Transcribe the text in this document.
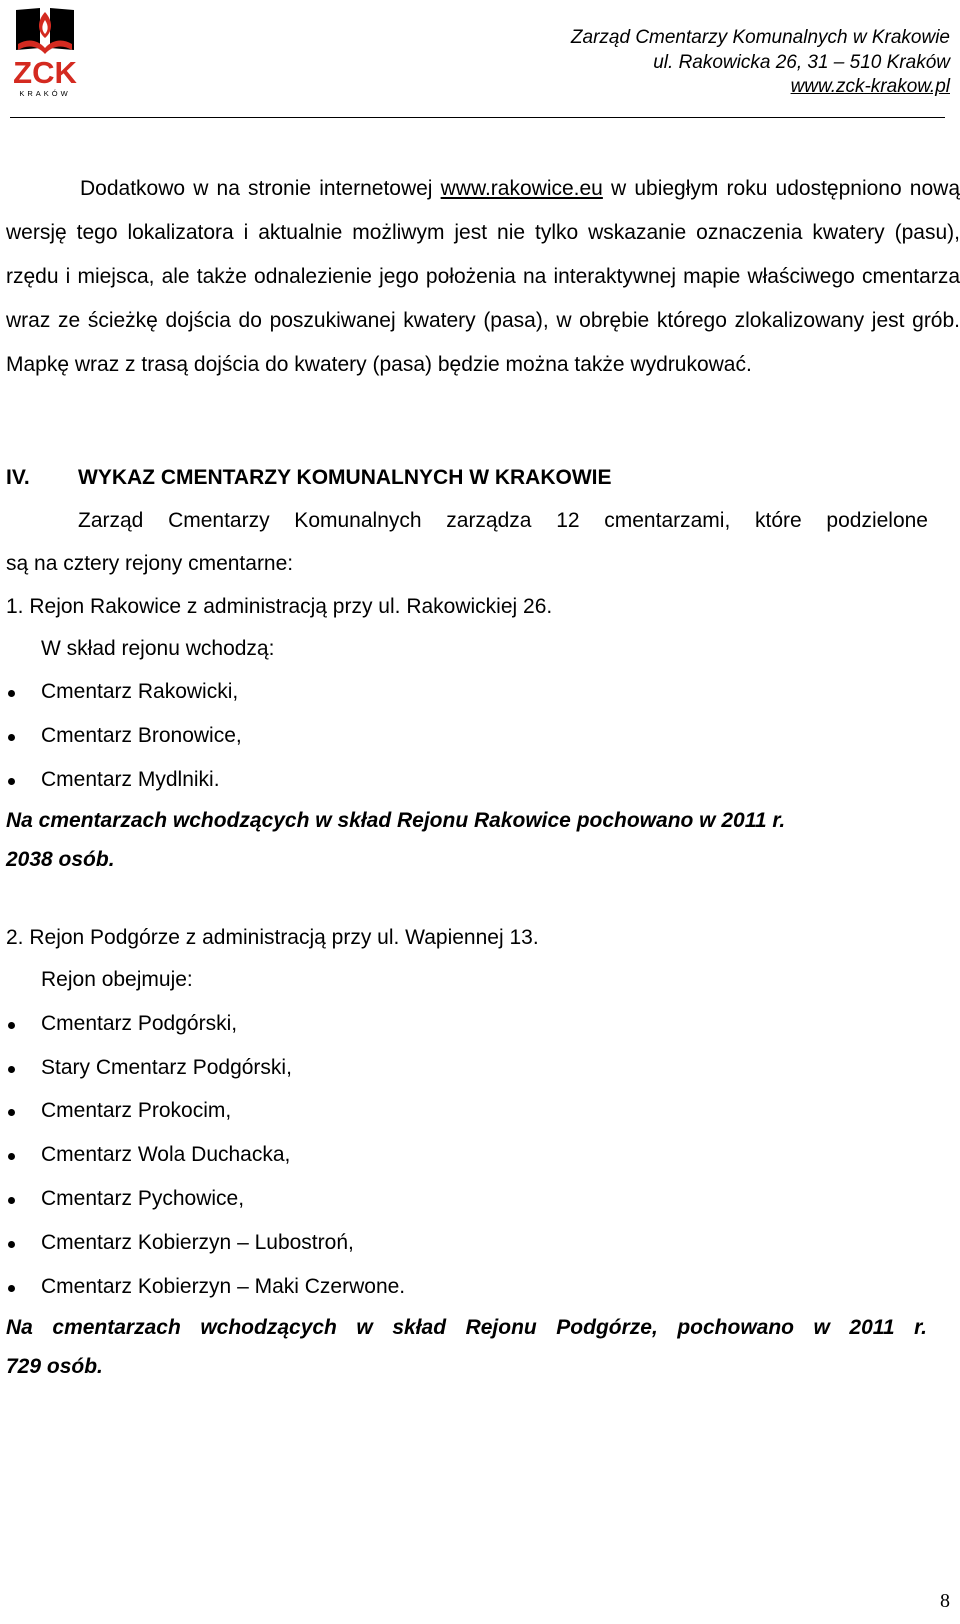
ZCK
KRAKÓW
Zarząd Cmentarzy Komunalnych w Krakowie
ul. Rakowicka 26, 31 – 510 Kraków
www.zck-krakow.pl
Dodatkowo w na stronie internetowej www.rakowice.eu w ubiegłym roku udostępniono nową wersję tego lokalizatora i aktualnie możliwym jest nie tylko wskazanie oznaczenia kwatery (pasu), rzędu i miejsca, ale także odnalezienie jego położenia na interaktywnej mapie właściwego cmentarza wraz ze ścieżkę dojścia do poszukiwanej kwatery (pasa), w obrębie którego zlokalizowany jest grób. Mapkę wraz z trasą dojścia do kwatery (pasa) będzie można także wydrukować.
IV. WYKAZ CMENTARZY KOMUNALNYCH W KRAKOWIE
Zarząd Cmentarzy Komunalnych zarządza 12 cmentarzami, które podzielone
są na cztery rejony cmentarne:
1. Rejon Rakowice z administracją przy ul. Rakowickiej 26.
W skład rejonu wchodzą:
Cmentarz Rakowicki,
Cmentarz Bronowice,
Cmentarz Mydlniki.
Na cmentarzach wchodzących w skład Rejonu Rakowice pochowano w 2011 r.
2038 osób.
2. Rejon Podgórze z administracją przy ul. Wapiennej 13.
Rejon obejmuje:
Cmentarz Podgórski,
Stary Cmentarz Podgórski,
Cmentarz Prokocim,
Cmentarz Wola Duchacka,
Cmentarz Pychowice,
Cmentarz Kobierzyn – Lubostroń,
Cmentarz Kobierzyn – Maki Czerwone.
Na cmentarzach wchodzących w skład Rejonu Podgórze, pochowano w 2011 r.
729 osób.
8
